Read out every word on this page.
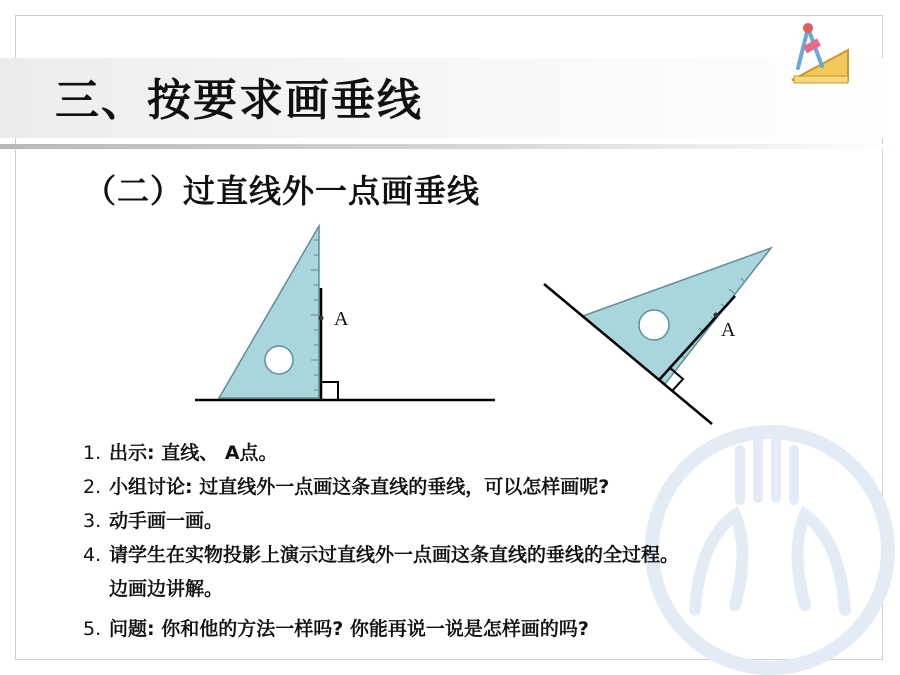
三、按要求画垂线
（二）过直线外一点画垂线
A	A
1. 出示: 直线、 A点。
2. 小组讨论: 过直线外一点画这条直线的垂线，可以怎样画呢?
3. 动手画一画。
4. 请学生在实物投影上演示过直线外一点画这条直线的垂线的全过程。
边画边讲解。
5. 问题: 你和他的方法一样吗? 你能再说一说是怎样画的吗?
